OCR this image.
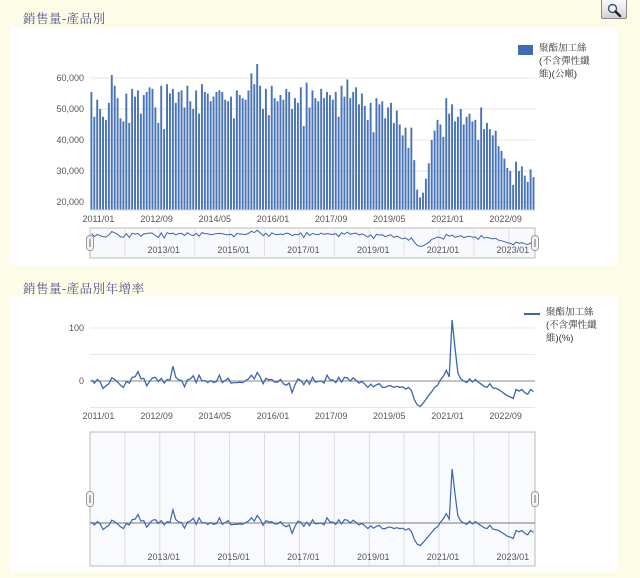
銷售量-產品別
60,000
50,000
40,000
30,000
20,000
2011/01	2012/09	2014/05	2016/01	2017/09	2019/05	2021/01	2022/09
2013/01	2015/01	2017/01	2019/01	2021/01	2023/01
聚酯加工絲
(不含彈性纖
維)(公噸)
銷售量-產品別年增率
0
100
2011/01	2012/09	2014/05	2016/01	2017/09	2019/05	2021/01	2022/09
2013/01	2015/01	2017/01	2019/01	2021/01	2023/01
聚酯加工絲
(不含彈性纖
維)(%)
